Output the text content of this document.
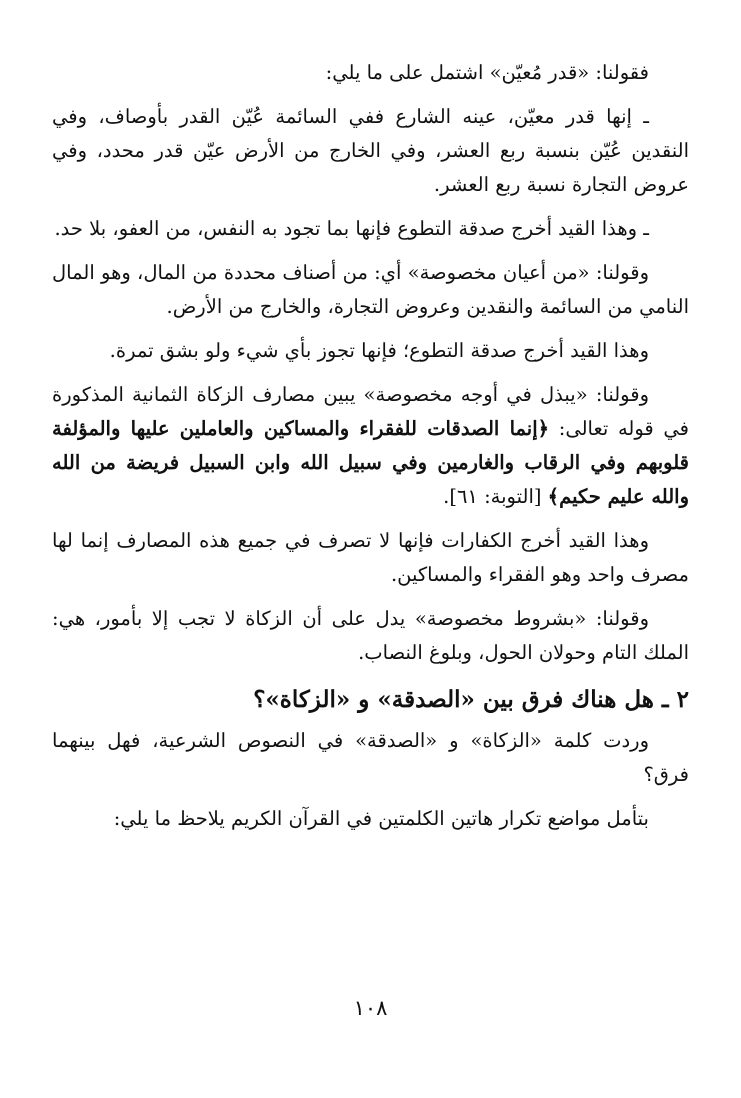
فقولنا: «قدر مُعيّن» اشتمل على ما يلي:

ـ إنها قدر معيّن، عينه الشارع ففي السائمة عُيّن القدر بأوصاف، وفي النقدين عُيّن بنسبة ربع العشر، وفي الخارج من الأرض عيّن قدر محدد، وفي عروض التجارة نسبة ربع العشر.

ـ وهذا القيد أخرج صدقة التطوع فإنها بما تجود به النفس، من العفو، بلا حد.

وقولنا: «من أعيان مخصوصة» أي: من أصناف محددة من المال، وهو المال النامي من السائمة والنقدين وعروض التجارة، والخارج من الأرض.

وهذا القيد أخرج صدقة التطوع؛ فإنها تجوز بأي شيء ولو بشق تمرة.

وقولنا: «يبذل في أوجه مخصوصة» يبين مصارف الزكاة الثمانية المذكورة في قوله تعالى: ﴿إنما الصدقات للفقراء والمساكين والعاملين عليها والمؤلفة قلوبهم وفي الرقاب والغارمين وفي سبيل الله وابن السبيل فريضة من الله والله عليم حكيم﴾ [التوبة: ٦١].

وهذا القيد أخرج الكفارات فإنها لا تصرف في جميع هذه المصارف إنما لها مصرف واحد وهو الفقراء والمساكين.

وقولنا: «بشروط مخصوصة» يدل على أن الزكاة لا تجب إلا بأمور، هي: الملك التام وحولان الحول، وبلوغ النصاب.

٢ ـ هل هناك فرق بين «الصدقة» و «الزكاة»؟

وردت كلمة «الزكاة» و «الصدقة» في النصوص الشرعية، فهل بينهما فرق؟

بتأمل مواضع تكرار هاتين الكلمتين في القرآن الكريم يلاحظ ما يلي:

١٠٨
